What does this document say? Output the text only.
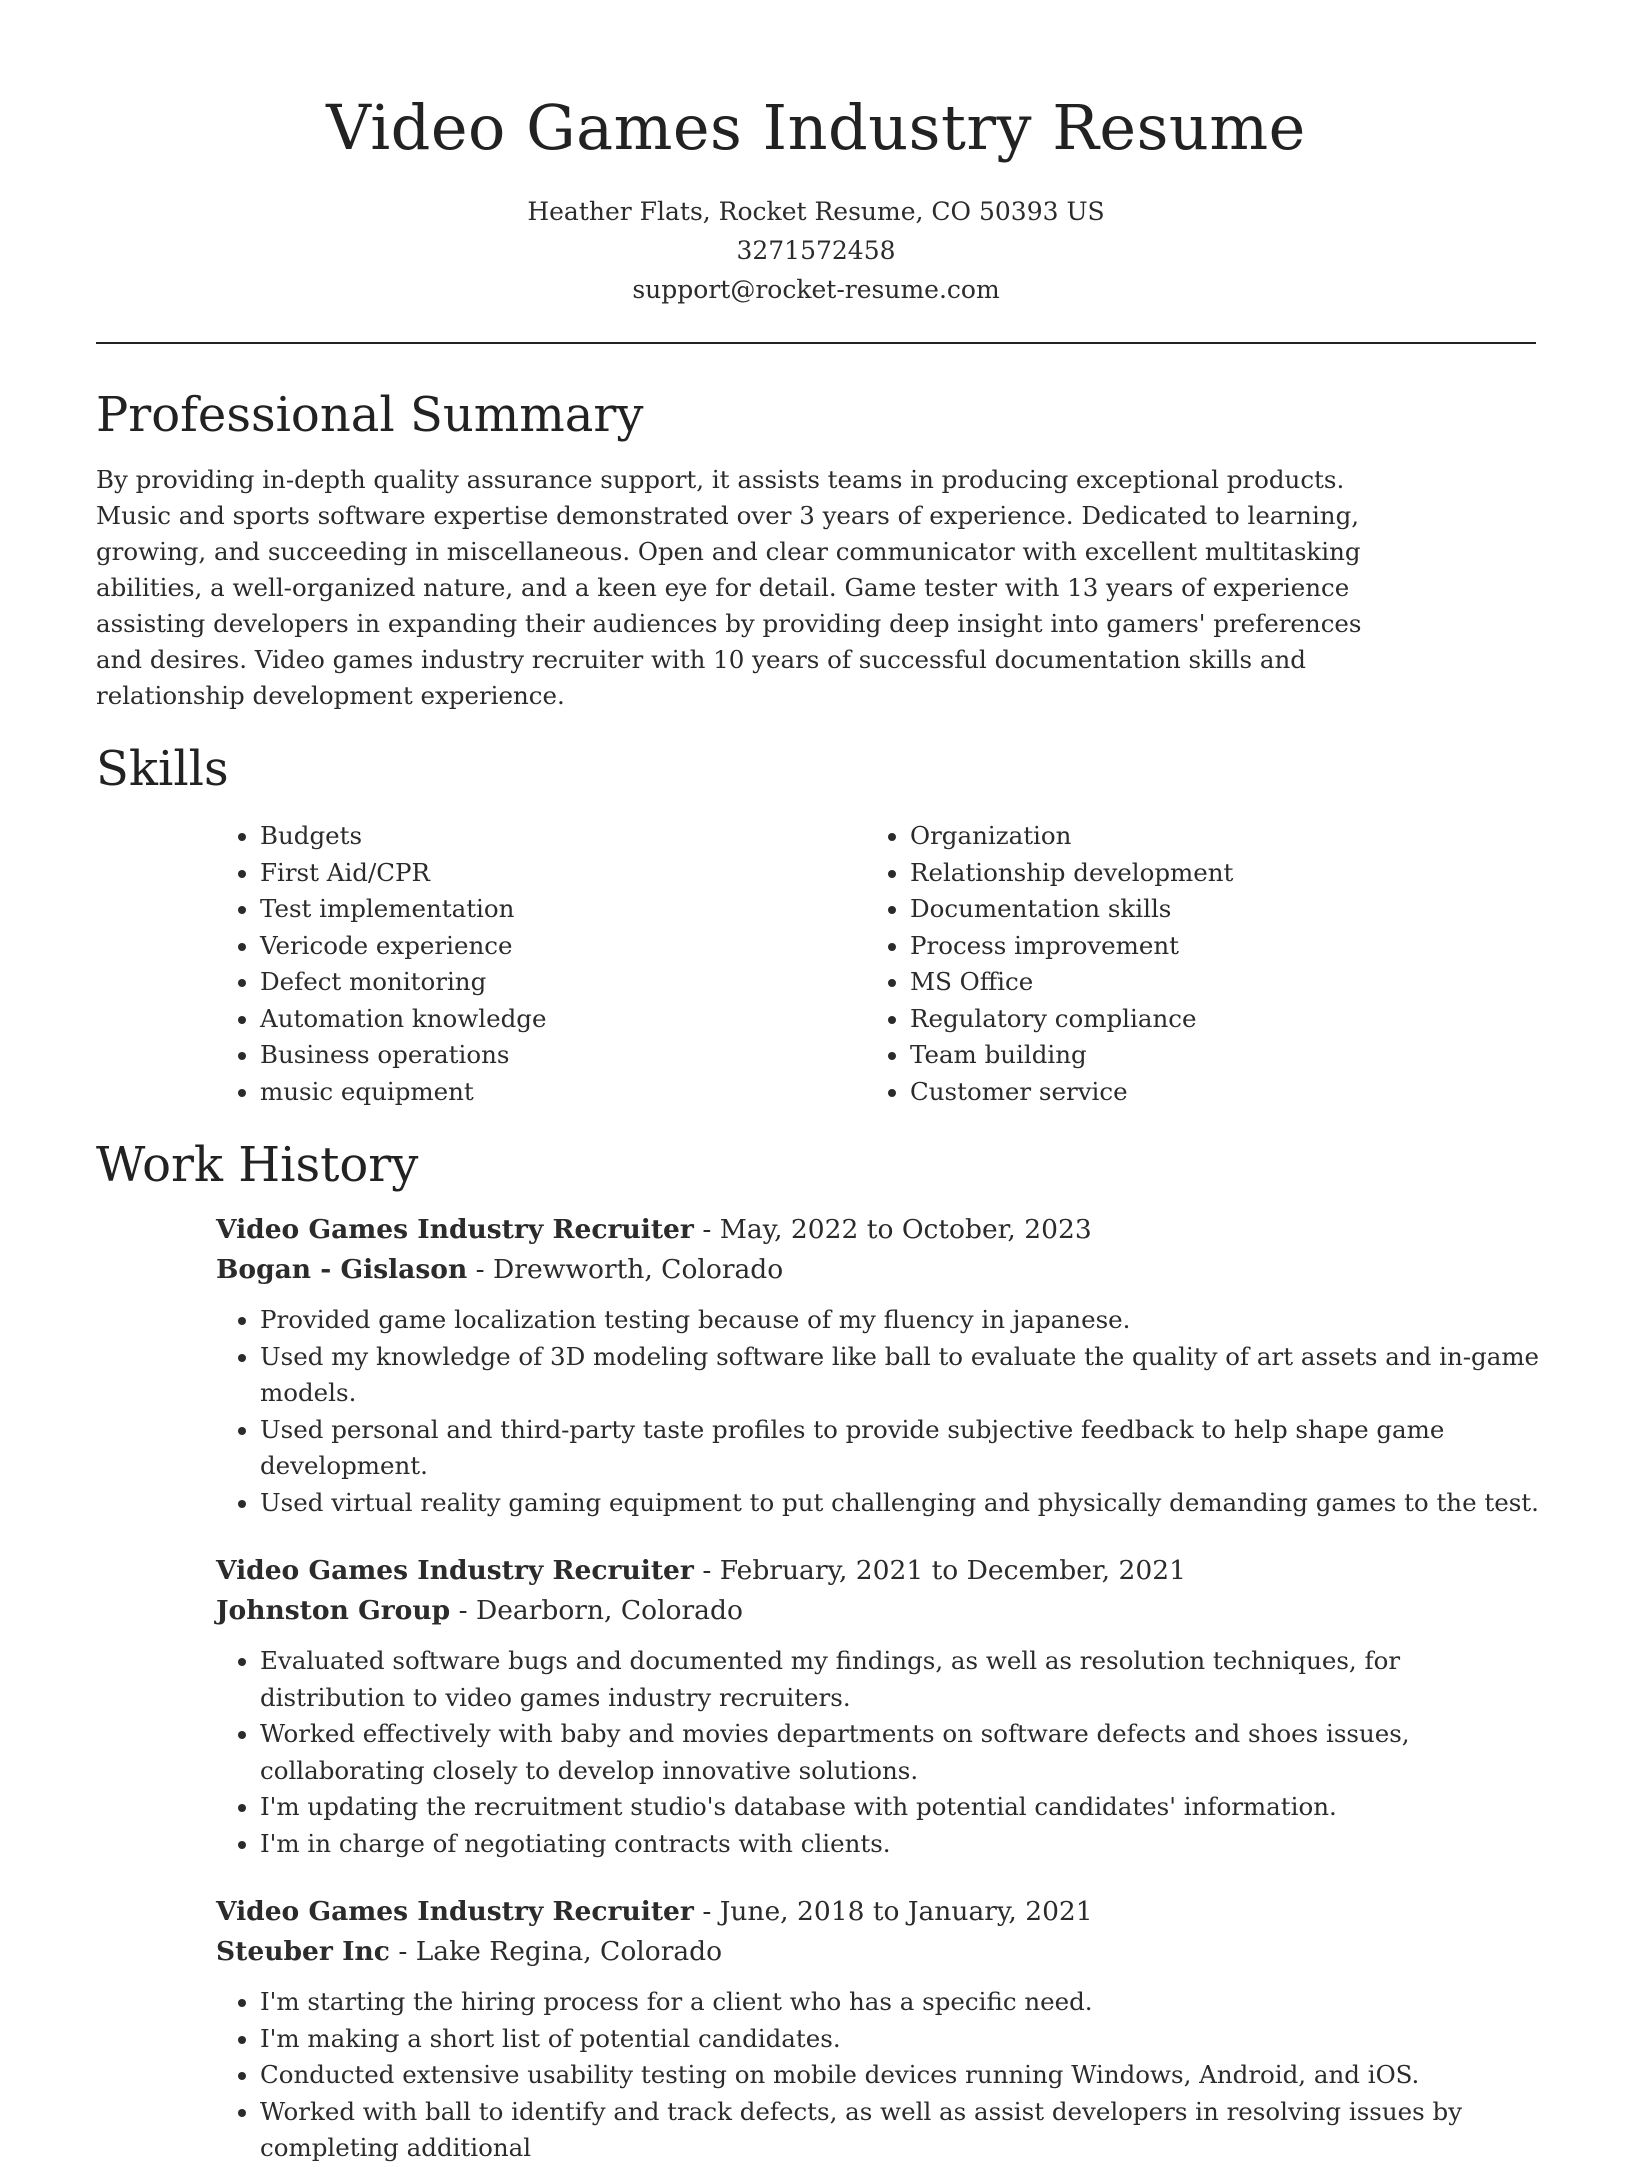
Video Games Industry Resume
Heather Flats, Rocket Resume, CO 50393 US
3271572458
support@rocket-resume.com
Professional Summary

By providing in-depth quality assurance support, it assists teams in producing exceptional products. Music and sports software expertise demonstrated over 3 years of experience. Dedicated to learning, growing, and succeeding in miscellaneous. Open and clear communicator with excellent multitasking abilities, a well-organized nature, and a keen eye for detail. Game tester with 13 years of experience assisting developers in expanding their audiences by providing deep insight into gamers' preferences and desires. Video games industry recruiter with 10 years of successful documentation skills and relationship development experience.

Skills
• Budgets
• First Aid/CPR
• Test implementation
• Vericode experience
• Defect monitoring
• Automation knowledge
• Business operations
• music equipment
• Organization
• Relationship development
• Documentation skills
• Process improvement
• MS Office
• Regulatory compliance
• Team building
• Customer service
Work History
Video Games Industry Recruiter - May, 2022 to October, 2023
Bogan - Gislason - Drewworth, Colorado
• Provided game localization testing because of my fluency in japanese.
• Used my knowledge of 3D modeling software like ball to evaluate the quality of art assets and in-game models.
• Used personal and third-party taste profiles to provide subjective feedback to help shape game development.
• Used virtual reality gaming equipment to put challenging and physically demanding games to the test.
Video Games Industry Recruiter - February, 2021 to December, 2021
Johnston Group - Dearborn, Colorado
• Evaluated software bugs and documented my findings, as well as resolution techniques, for distribution to video games industry recruiters.
• Worked effectively with baby and movies departments on software defects and shoes issues, collaborating closely to develop innovative solutions.
• I'm updating the recruitment studio's database with potential candidates' information.
• I'm in charge of negotiating contracts with clients.
Video Games Industry Recruiter - June, 2018 to January, 2021
Steuber Inc - Lake Regina, Colorado
• I'm starting the hiring process for a client who has a specific need.
• I'm making a short list of potential candidates.
• Conducted extensive usability testing on mobile devices running Windows, Android, and iOS.
• Worked with ball to identify and track defects, as well as assist developers in resolving issues by completing additional
